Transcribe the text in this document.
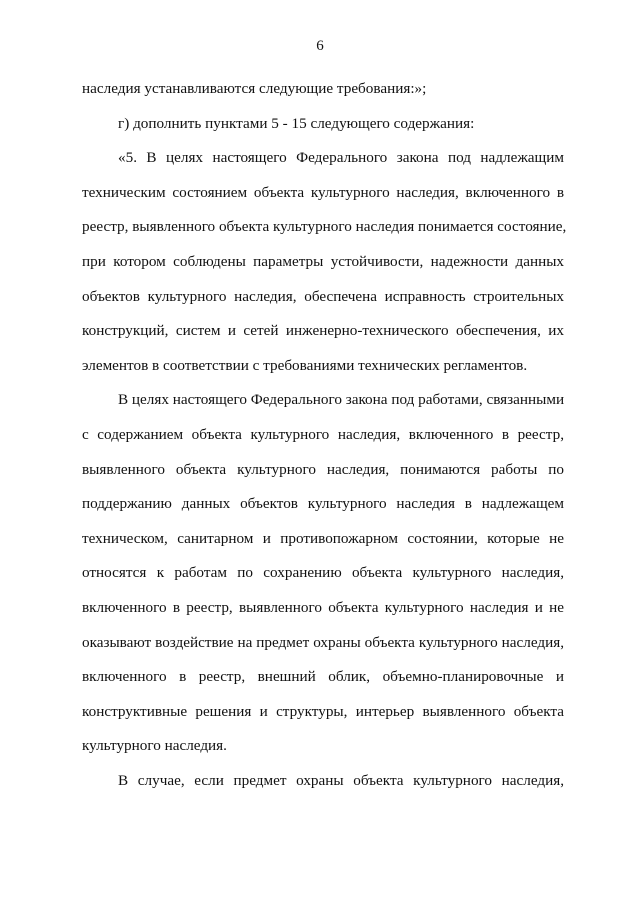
6
наследия устанавливаются следующие требования:»;
г) дополнить пунктами 5 - 15 следующего содержания:
«5. В целях настоящего Федерального закона под надлежащим
техническим состоянием объекта культурного наследия, включенного в
реестр, выявленного объекта культурного наследия понимается состояние,
при котором соблюдены параметры устойчивости, надежности данных
объектов культурного наследия, обеспечена исправность строительных
конструкций, систем и сетей инженерно-технического обеспечения, их
элементов в соответствии с требованиями технических регламентов.
В целях настоящего Федерального закона под работами, связанными
с содержанием объекта культурного наследия, включенного в реестр,
выявленного объекта культурного наследия, понимаются работы по
поддержанию данных объектов культурного наследия в надлежащем
техническом, санитарном и противопожарном состоянии, которые не
относятся к работам по сохранению объекта культурного наследия,
включенного в реестр, выявленного объекта культурного наследия и не
оказывают воздействие на предмет охраны объекта культурного наследия,
включенного в реестр, внешний облик, объемно-планировочные и
конструктивные решения и структуры, интерьер выявленного объекта
культурного наследия.
В случае, если предмет охраны объекта культурного наследия,
